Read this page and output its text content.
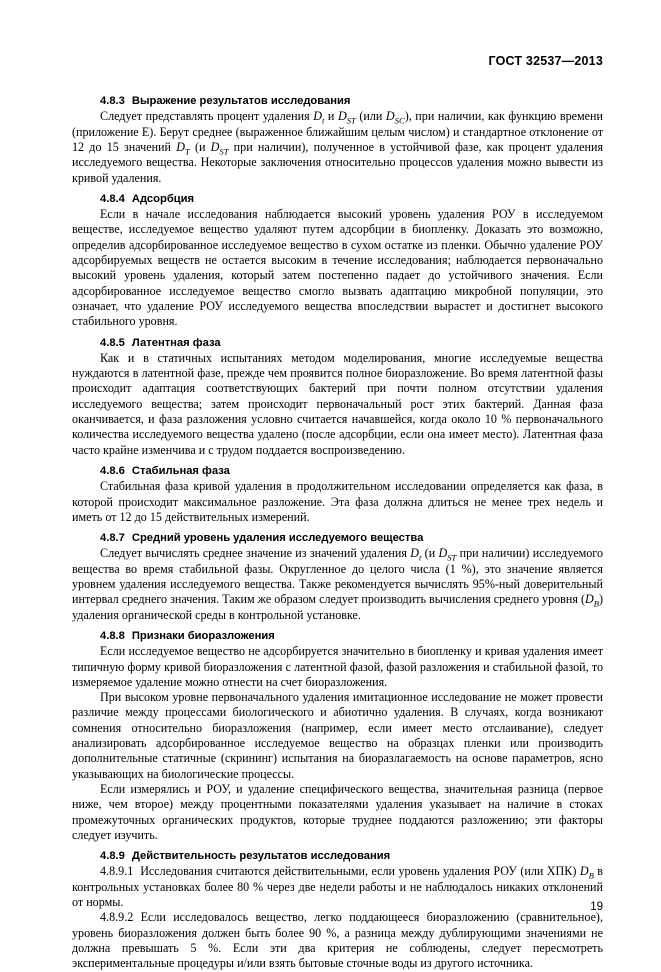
ГОСТ 32537—2013
4.8.3 Выражение результатов исследования

Следует представлять процент удаления $D_t$ и $D_{ST}$ (или $D_{SC}$), при наличии, как функцию времени (приложение Е). Берут среднее (выраженное ближайшим целым числом) и стандартное отклонение от 12 до 15 значений $D_T$ (и $D_{ST}$ при наличии), полученное в устойчивой фазе, как процент удаления исследуемого вещества. Некоторые заключения относительно процессов удаления можно вывести из кривой удаления.

4.8.4 Адсорбция

Если в начале исследования наблюдается высокий уровень удаления РОУ в исследуемом веществе, исследуемое вещество удаляют путем адсорбции в биопленку. Доказать это возможно, определив адсорбированное исследуемое вещество в сухом остатке из пленки. Обычно удаление РОУ адсорбируемых веществ не остается высоким в течение исследования; наблюдается первоначально высокий уровень удаления, который затем постепенно падает до устойчивого значения. Если адсорбированное исследуемое вещество смогло вызвать адаптацию микробной популяции, это означает, что удаление РОУ исследуемого вещества впоследствии вырастет и достигнет высокого стабильного уровня.

4.8.5 Латентная фаза

Как и в статичных испытаниях методом моделирования, многие исследуемые вещества нуждаются в латентной фазе, прежде чем проявится полное биоразложение. Во время латентной фазы происходит адаптация соответствующих бактерий при почти полном отсутствии удаления исследуемого вещества; затем происходит первоначальный рост этих бактерий. Данная фаза оканчивается, и фаза разложения условно считается начавшейся, когда около 10 % первоначального количества исследуемого вещества удалено (после адсорбции, если она имеет место). Латентная фаза часто крайне изменчива и с трудом поддается воспроизведению.

4.8.6 Стабильная фаза

Стабильная фаза кривой удаления в продолжительном исследовании определяется как фаза, в которой происходит максимальное разложение. Эта фаза должна длиться не менее трех недель и иметь от 12 до 15 действительных измерений.

4.8.7 Средний уровень удаления исследуемого вещества

Следует вычислять среднее значение из значений удаления $D_t$ (и $D_{ST}$ при наличии) исследуемого вещества во время стабильной фазы. Округленное до целого числа (1 %), это значение является уровнем удаления исследуемого вещества. Также рекомендуется вычислять 95%-ный доверительный интервал среднего значения. Таким же образом следует производить вычисления среднего уровня $(D_B)$ удаления органической среды в контрольной установке.

4.8.8 Признаки биоразложения

Если исследуемое вещество не адсорбируется значительно в биопленку и кривая удаления имеет типичную форму кривой биоразложения с латентной фазой, фазой разложения и стабильной фазой, то измеряемое удаление можно отнести на счет биоразложения.

При высоком уровне первоначального удаления имитационное исследование не может провести различие между процессами биологического и абиотично удаления. В случаях, когда возникают сомнения относительно биоразложения (например, если имеет место отслаивание), следует анализировать адсорбированное исследуемое вещество на образцах пленки или производить дополнительные статичные (скрининг) испытания на биоразлагаемость на основе параметров, ясно указывающих на биологические процессы.

Если измерялись и РОУ, и удаление специфического вещества, значительная разница (первое ниже, чем второе) между процентными показателями удаления указывает на наличие в стоках промежуточных органических продуктов, которые труднее поддаются разложению; эти факторы следует изучить.

4.8.9 Действительность результатов исследования

4.8.9.1  Исследования считаются действительными, если уровень удаления РОУ (или ХПК) $D_B$ в контрольных установках более 80 % через две недели работы и не наблюдалось никаких отклонений от нормы.

4.8.9.2 Если исследовалось вещество, легко поддающееся биоразложению (сравнительное), уровень биоразложения должен быть более 90 %, а разница между дублирующими значениями не должна превышать 5 %. Если эти два критерия не соблюдены, следует пересмотреть экспериментальные процедуры и/или взять бытовые сточные воды из другого источника.

19
